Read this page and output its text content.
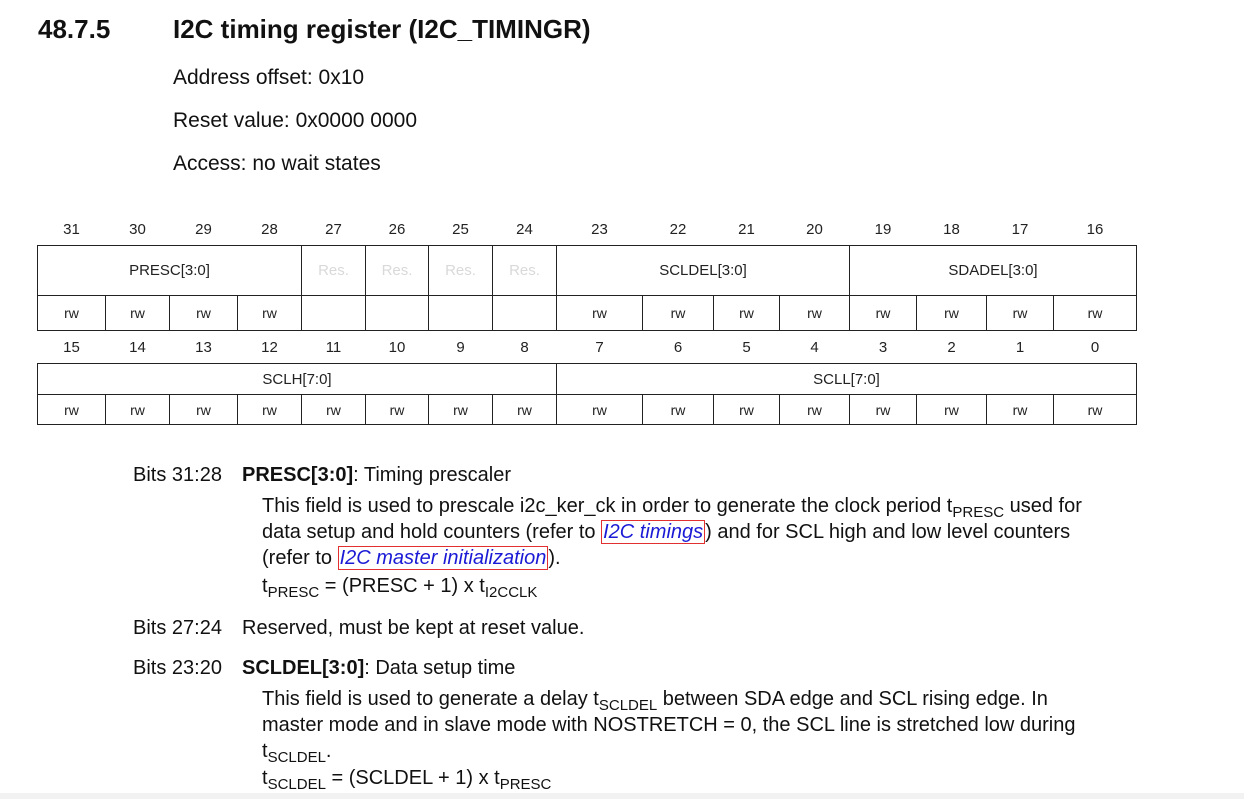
48.7.5 I2C timing register (I2C_TIMINGR)
Address offset: 0x10
Reset value: 0x0000 0000
Access: no wait states
31	30	29	28	27	26	25	24	23	22	21	20	19	18	17	16
PRESC[3:0]				Res.	Res.	Res.	Res.	SCLDEL[3:0]				SDADEL[3:0]			
rw	rw	rw	rw					rw	rw	rw	rw	rw	rw	rw	rw
15	14	13	12	11	10	9	8	7	6	5	4	3	2	1	0
SCLH[7:0]								SCLL[7:0]							
rw	rw	rw	rw	rw	rw	rw	rw	rw	rw	rw	rw	rw	rw	rw	rw
Bits 31:28 PRESC[3:0]: Timing prescaler
This field is used to prescale i2c_ker_ck in order to generate the clock period $t_{PRESC}$ used for
data setup and hold counters (refer to I2C timings ) and for SCL high and low level counters
(refer to I2C master initialization ).
$t_{PRESC}$ = (PRESC + 1) x $t_{I2CCLK}$
Bits 27:24 Reserved, must be kept at reset value.
Bits 23:20 SCLDEL[3:0]: Data setup time
This field is used to generate a delay $t_{SCLDEL}$ between SDA edge and SCL rising edge. In
master mode and in slave mode with NOSTRETCH = 0, the SCL line is stretched low during
$t_{SCLDEL}$.
$t_{SCLDEL}$ = (SCLDEL + 1) x $t_{PRESC}$
